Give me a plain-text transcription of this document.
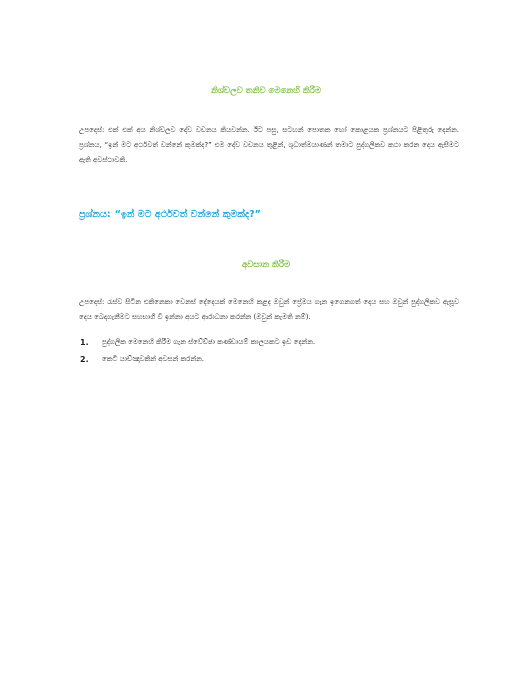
නිශ්චලව තනිව මෙනෙහි කිරීම

උපදෙස්: එක් එක් අය නිශ්චලව දේව වචනය කියවන්න. ඊට පසු, සටහන් පොතක හෝ කොළයක ප්‍රශ්නයට පිළිතුරු දෙන්න. ප්‍රශ්නය, “ඉන් මට අර්ථවත් වන්නේ කුමක්ද?” එම දේව වචනය තුළින්, ශුධාත්මයාණන් තමාට පුද්ගලිකව කථා කරන දෙය ඇසීමට ඇති අවස්ථාවකි.

ප්‍රශ්නය: “ඉන් මට අර්ථවත් වන්නේ කුමක්ද?”
අවසාන කිරීම

උපදෙස්: රැස්ව සිටින එකිනෙකා වෙනස් දේදෙයක් මෙනෙහි කළද ඔවුන් ප්‍රේමය ගැන ඉගෙනගත් දෙය සහ ඔවුන් පුද්ගලිකව ඇසූව දෙය බෙදාගැනීමට සහභාගී වී ඉන්නා අයට ආරාධනා කරන්න (ඔවුන් කැමති නම්).

1.	පුද්ගලික මෙනෙහි කිරීම ගැන ස්වේච්ඡා කණ්ඩායම් කාලයකට ඉඩ දෙන්න.
2.	කෙටි යාච්ඤාවකින් අවසන් කරන්න.
